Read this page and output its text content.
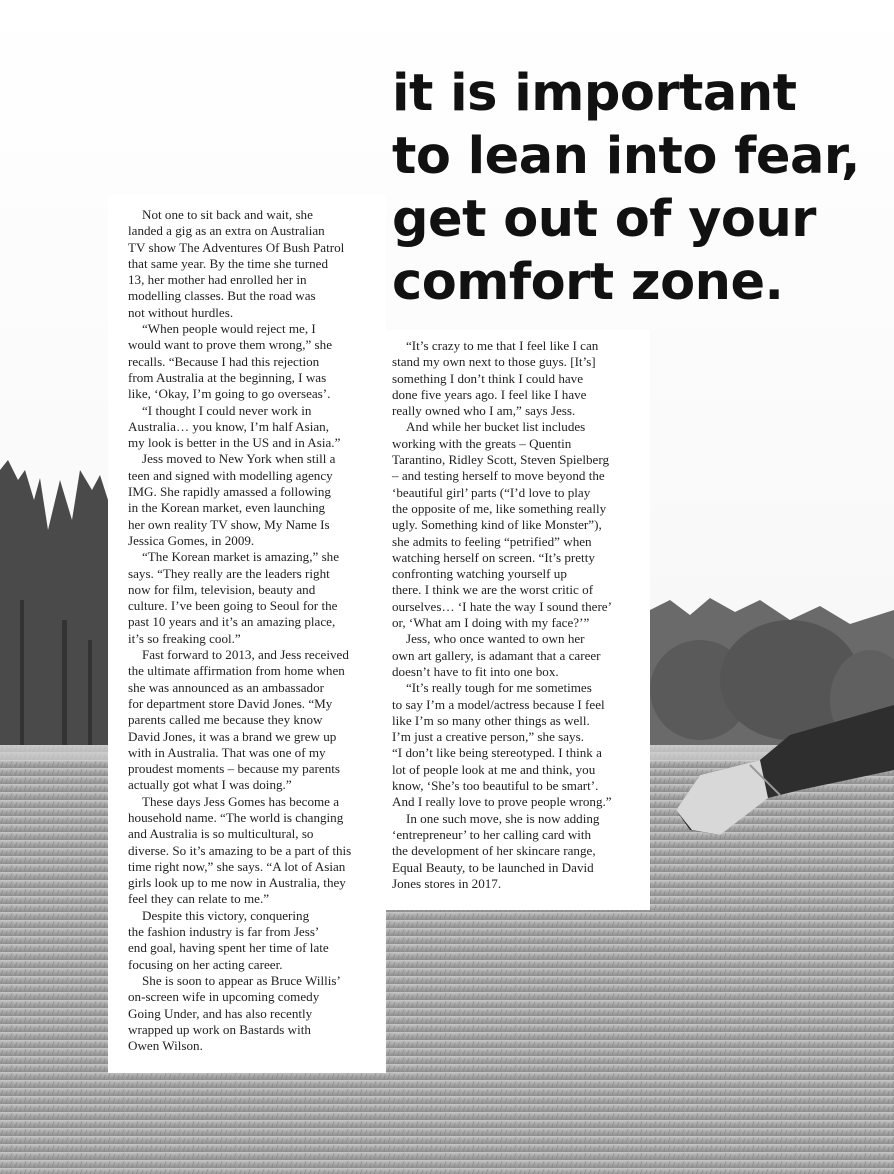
it is important
to lean into fear,
get out of your
comfort zone.
Not one to sit back and wait, she
landed a gig as an extra on Australian
TV show The Adventures Of Bush Patrol
that same year. By the time she turned
13, her mother had enrolled her in
modelling classes. But the road was
not without hurdles.
“When people would reject me, I
would want to prove them wrong,” she
recalls. “Because I had this rejection
from Australia at the beginning, I was
like, ‘Okay, I’m going to go overseas’.
“I thought I could never work in
Australia… you know, I’m half Asian,
my look is better in the US and in Asia.”
Jess moved to New York when still a
teen and signed with modelling agency
IMG. She rapidly amassed a following
in the Korean market, even launching
her own reality TV show, My Name Is
Jessica Gomes, in 2009.
“The Korean market is amazing,” she
says. “They really are the leaders right
now for film, television, beauty and
culture. I’ve been going to Seoul for the
past 10 years and it’s an amazing place,
it’s so freaking cool.”
Fast forward to 2013, and Jess received
the ultimate affirmation from home when
she was announced as an ambassador
for department store David Jones. “My
parents called me because they know
David Jones, it was a brand we grew up
with in Australia. That was one of my
proudest moments – because my parents
actually got what I was doing.”
These days Jess Gomes has become a
household name. “The world is changing
and Australia is so multicultural, so
diverse. So it’s amazing to be a part of this
time right now,” she says. “A lot of Asian
girls look up to me now in Australia, they
feel they can relate to me.”
Despite this victory, conquering
the fashion industry is far from Jess’
end goal, having spent her time of late
focusing on her acting career.
She is soon to appear as Bruce Willis’
on-screen wife in upcoming comedy
Going Under, and has also recently
wrapped up work on Bastards with
Owen Wilson.
“It’s crazy to me that I feel like I can
stand my own next to those guys. [It’s]
something I don’t think I could have
done five years ago. I feel like I have
really owned who I am,” says Jess.
And while her bucket list includes
working with the greats – Quentin
Tarantino, Ridley Scott, Steven Spielberg
– and testing herself to move beyond the
‘beautiful girl’ parts (“I’d love to play
the opposite of me, like something really
ugly. Something kind of like Monster”),
she admits to feeling “petrified” when
watching herself on screen. “It’s pretty
confronting watching yourself up
there. I think we are the worst critic of
ourselves… ‘I hate the way I sound there’
or, ‘What am I doing with my face?’”
Jess, who once wanted to own her
own art gallery, is adamant that a career
doesn’t have to fit into one box.
“It’s really tough for me sometimes
to say I’m a model/actress because I feel
like I’m so many other things as well.
I’m just a creative person,” she says.
“I don’t like being stereotyped. I think a
lot of people look at me and think, you
know, ‘She’s too beautiful to be smart’.
And I really love to prove people wrong.”
In one such move, she is now adding
‘entrepreneur’ to her calling card with
the development of her skincare range,
Equal Beauty, to be launched in David
Jones stores in 2017.
